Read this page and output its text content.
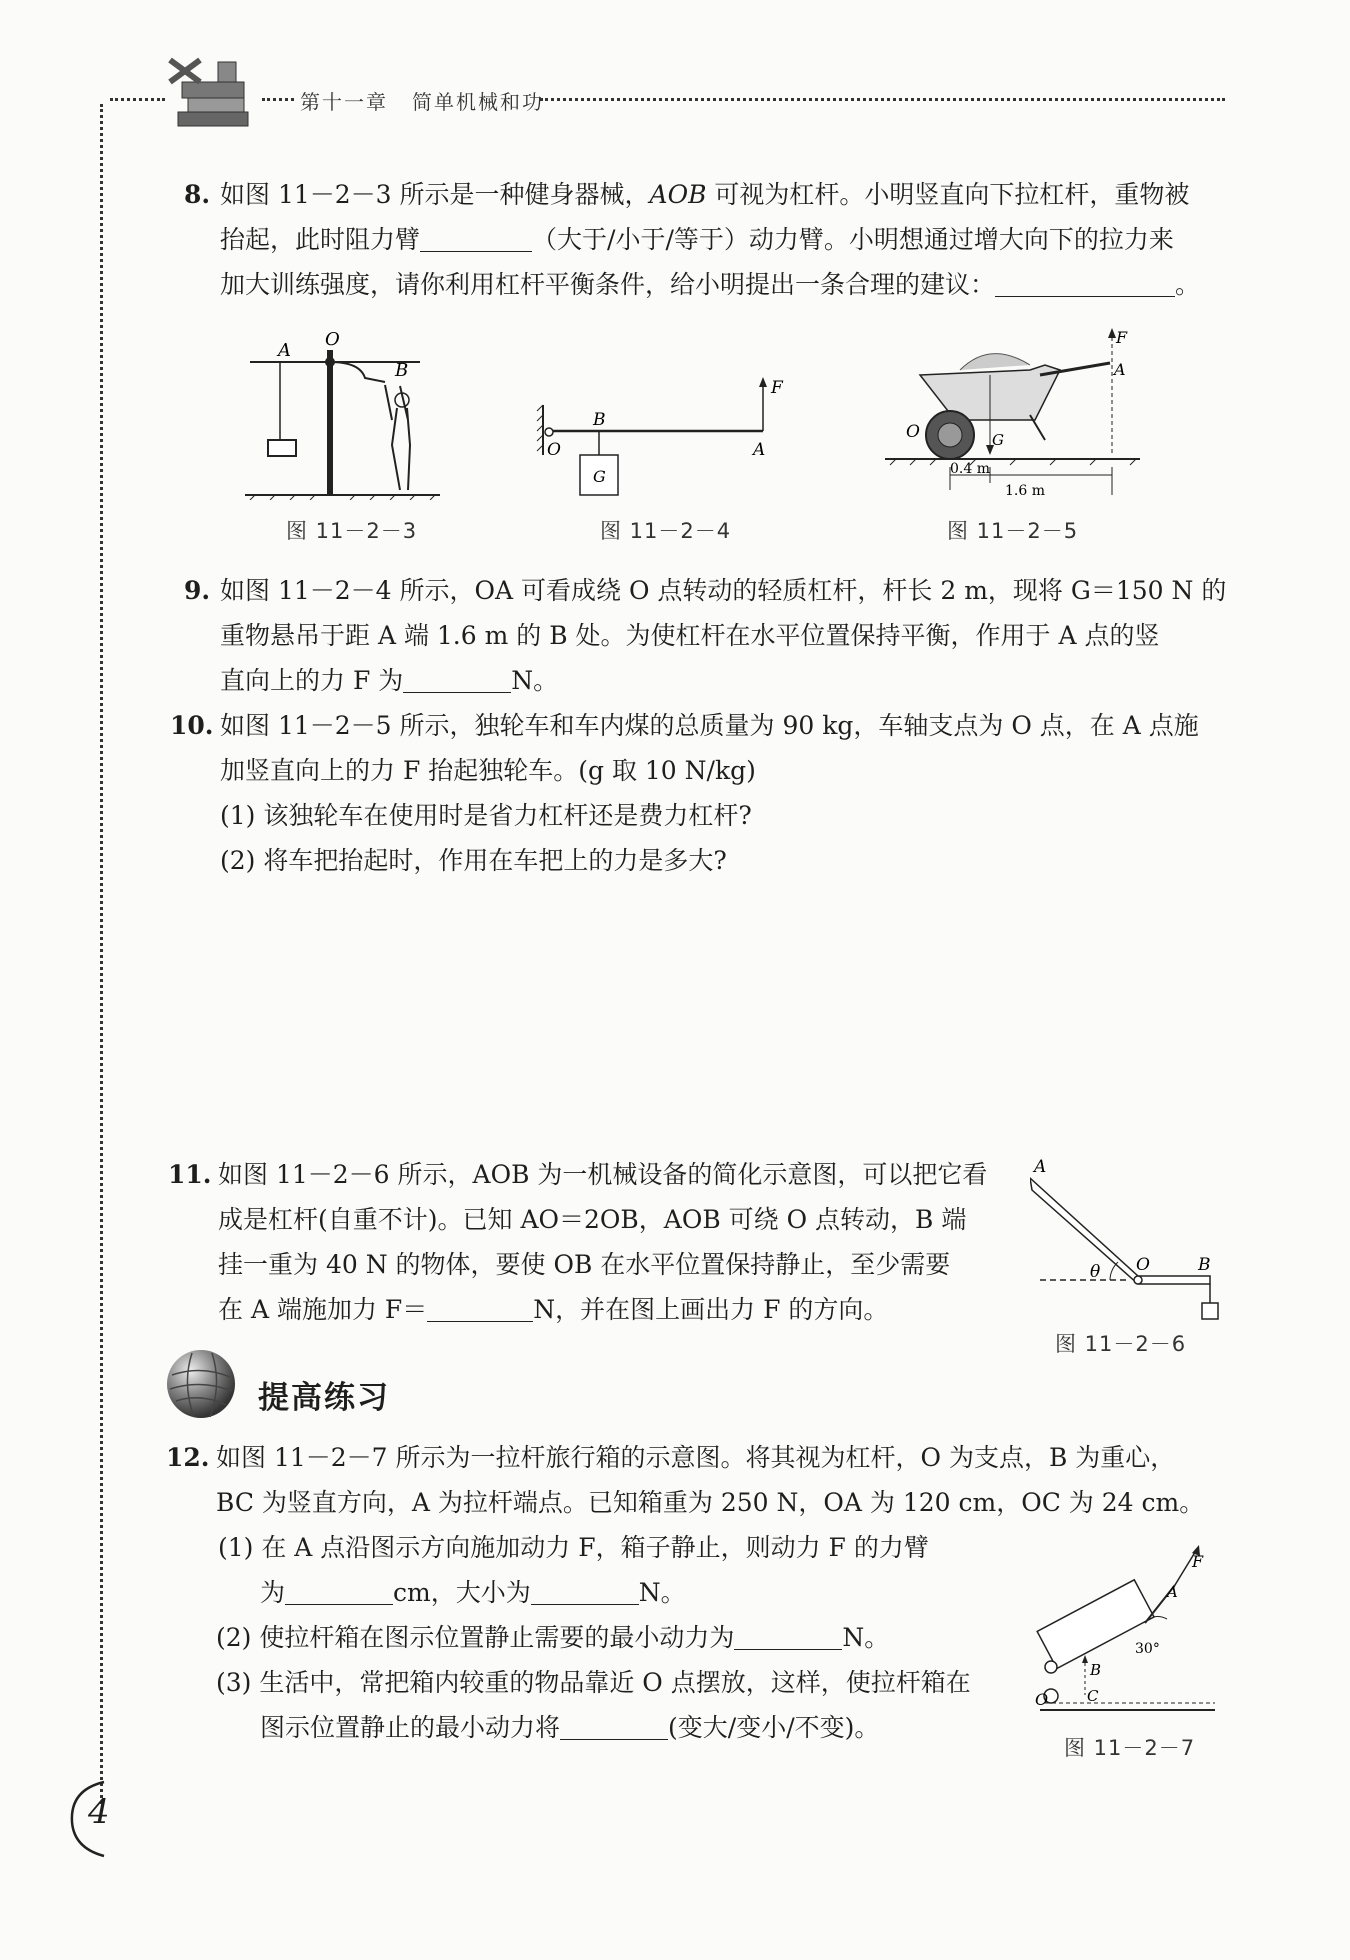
第十一章 简单机械和功
8. 如图 11－2－3 所示是一种健身器械，AOB 可视为杠杆。小明竖直向下拉杠杆，重物被
抬起，此时阻力臂	（大于/小于/等于）动力臂。小明想通过增大向下的拉力来
加大训练强度，请你利用杠杆平衡条件，给小明提出一条合理的建议：	。
A
O
B
图 11－2－3
B
O	A
F
G
图 11－2－4
F
A
O	G
0.4 m
1.6 m
图 11－2－5
9. 如图 11－2－4 所示，OA 可看成绕 O 点转动的轻质杠杆，杆长 2 m，现将 G＝150 N 的
重物悬吊于距 A 端 1.6 m 的 B 处。为使杠杆在水平位置保持平衡，作用于 A 点的竖
直向上的力 F 为	N。
10. 如图 11－2－5 所示，独轮车和车内煤的总质量为 90 kg，车轴支点为 O 点，在 A 点施
加竖直向上的力 F 抬起独轮车。(g 取 10 N/kg)
(1) 该独轮车在使用时是省力杠杆还是费力杠杆?
(2) 将车把抬起时，作用在车把上的力是多大?
11. 如图 11－2－6 所示，AOB 为一机械设备的简化示意图，可以把它看
成是杠杆(自重不计)。已知 AO＝2OB，AOB 可绕 O 点转动，B 端
挂一重为 40 N 的物体，要使 OB 在水平位置保持静止，至少需要
在 A 端施加力 F＝	N，并在图上画出力 F 的方向。
A
O	B
θ
图 11－2－6
提高练习
12. 如图 11－2－7 所示为一拉杆旅行箱的示意图。将其视为杠杆，O 为支点，B 为重心，
BC 为竖直方向，A 为拉杆端点。已知箱重为 250 N，OA 为 120 cm，OC 为 24 cm。
(1) 在 A 点沿图示方向施加动力 F，箱子静止，则动力 F 的力臂
为	cm，大小为	N。
(2) 使拉杆箱在图示位置静止需要的最小动力为	N。
(3) 生活中，常把箱内较重的物品靠近 O 点摆放，这样，使拉杆箱在
图示位置静止的最小动力将	(变大/变小/不变)。
F
A
B
C
O
30°
图 11－2－7
4
